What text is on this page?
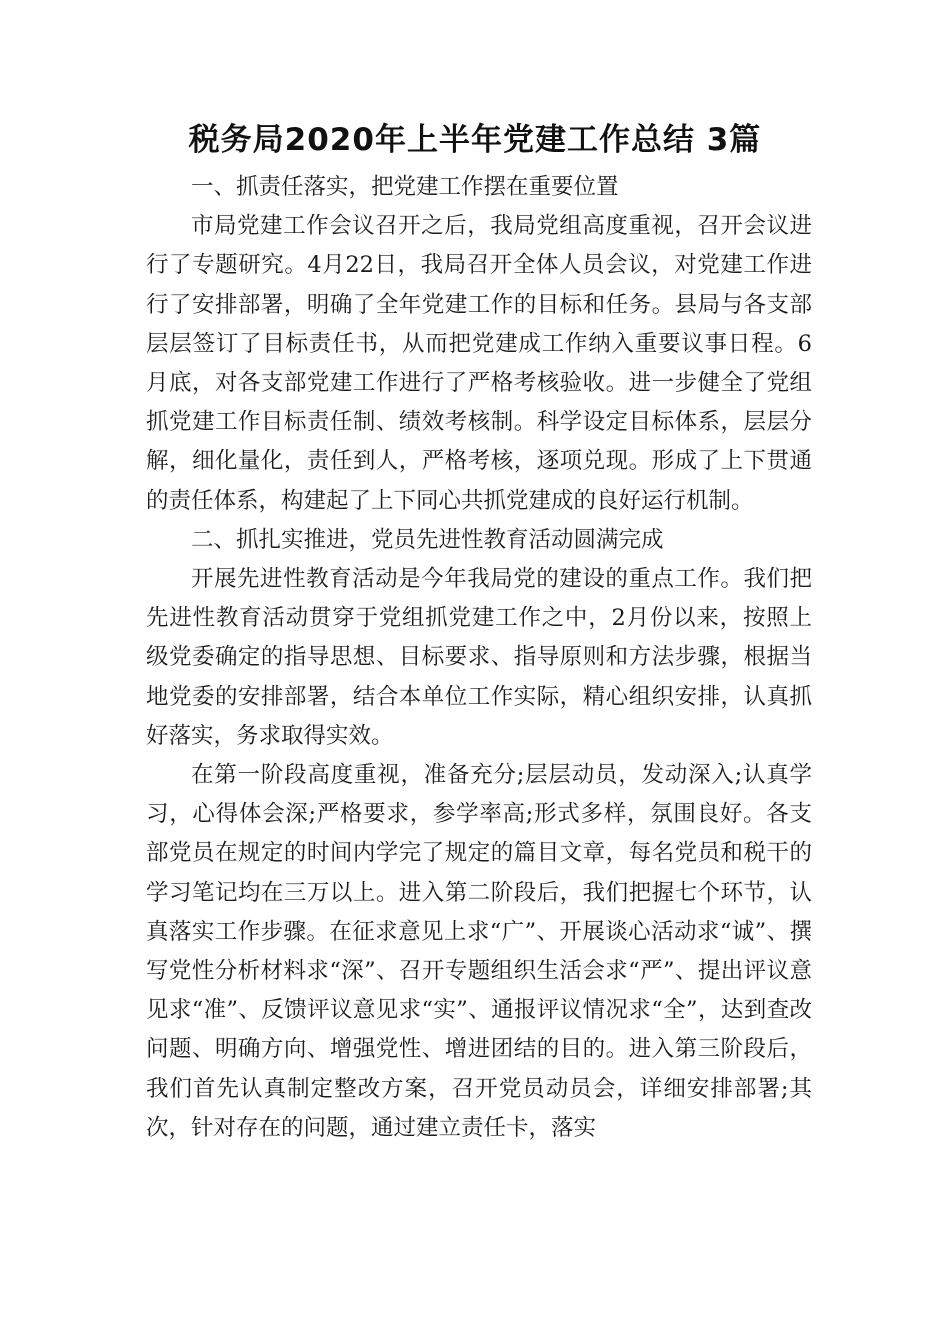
税务局2020年上半年党建工作总结 3篇

一、抓责任落实，把党建工作摆在重要位置

市局党建工作会议召开之后，我局党组高度重视，召开会议进行了专题研究。4月22日，我局召开全体人员会议，对党建工作进行了安排部署，明确了全年党建工作的目标和任务。县局与各支部层层签订了目标责任书，从而把党建成工作纳入重要议事日程。6月底，对各支部党建工作进行了严格考核验收。进一步健全了党组抓党建工作目标责任制、绩效考核制。科学设定目标体系，层层分解，细化量化，责任到人，严格考核，逐项兑现。形成了上下贯通的责任体系，构建起了上下同心共抓党建成的良好运行机制。

二、抓扎实推进，党员先进性教育活动圆满完成

开展先进性教育活动是今年我局党的建设的重点工作。我们把先进性教育活动贯穿于党组抓党建工作之中，2月份以来，按照上级党委确定的指导思想、目标要求、指导原则和方法步骤，根据当地党委的安排部署，结合本单位工作实际，精心组织安排，认真抓好落实，务求取得实效。

在第一阶段高度重视，准备充分;层层动员，发动深入;认真学习，心得体会深;严格要求，参学率高;形式多样，氛围良好。各支部党员在规定的时间内学完了规定的篇目文章，每名党员和税干的学习笔记均在三万以上。进入第二阶段后，我们把握七个环节，认真落实工作步骤。在征求意见上求“广”、开展谈心活动求“诚”、撰写党性分析材料求“深”、召开专题组织生活会求“严”、提出评议意见求“准”、反馈评议意见求“实”、通报评议情况求“全”，达到查改问题、明确方向、增强党性、增进团结的目的。进入第三阶段后，我们首先认真制定整改方案，召开党员动员会，详细安排部署;其次，针对存在的问题，通过建立责任卡，落实
